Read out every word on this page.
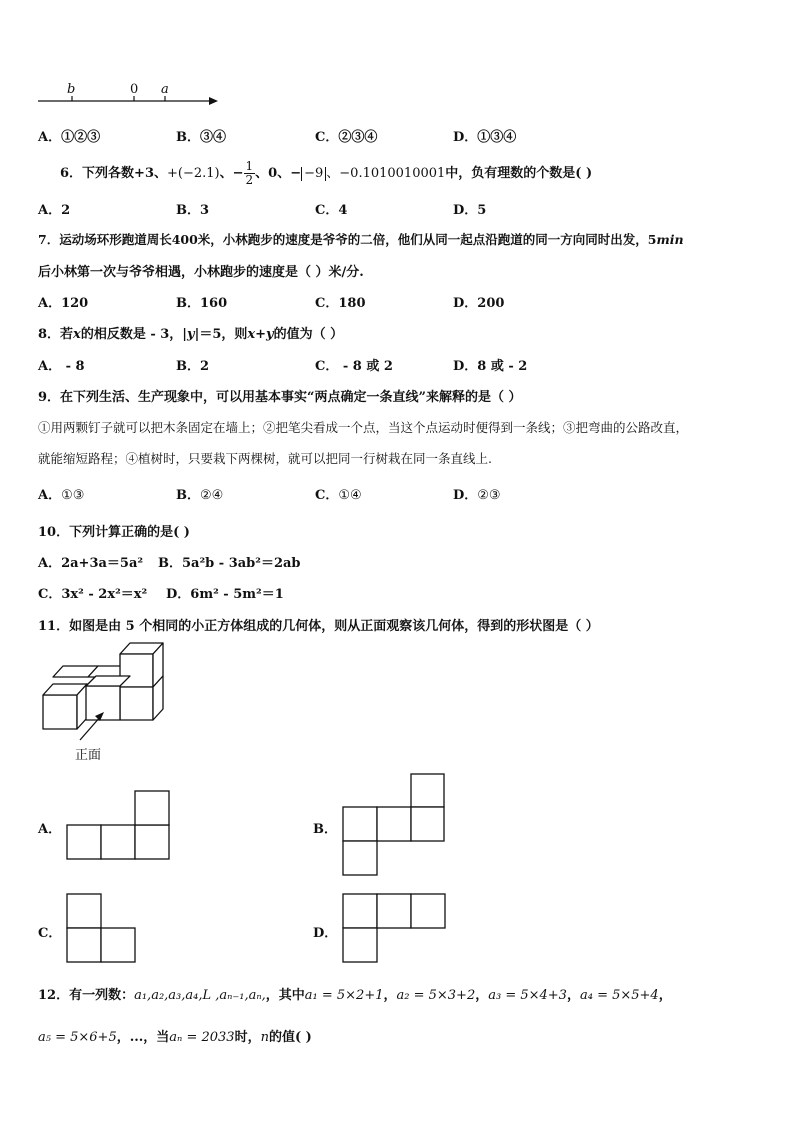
b	0 a
A．①②③	B．③④	C．②③④	D．①③④
6．下列各数+3、+(−2.1)、− $\frac{1}{2}$ 、0、− −9 、−0.1010010001中，负有理数的个数是( )
A．2	B．3	C．4	D．5
7．运动场环形跑道周长400米，小林跑步的速度是爷爷的二倍，他们从同一起点沿跑道的同一方向同时出发，5min
后小林第一次与爷爷相遇，小林跑步的速度是（ ）米/分.
A．120	B．160	C．180	D．200
8．若x的相反数是 - 3，|y|＝5，则x+y的值为（ ）
A． - 8	B．2	C． - 8 或 2	D．8 或 - 2
9．在下列生活、生产现象中，可以用基本事实“两点确定一条直线”来解释的是（ ）
①用两颗钉子就可以把木条固定在墙上；②把笔尖看成一个点，当这个点运动时便得到一条线；③把弯曲的公路改直，
就能缩短路程；④植树时，只要栽下两棵树，就可以把同一行树栽在同一条直线上.
A．①③	B．②④	C．①④	D．②③
10．下列计算正确的是( )
A．2a+3a＝5a² B．5a²b - 3ab²＝2ab
C．3x² - 2x²＝x² D．6m² - 5m²＝1
11．如图是由 5 个相同的小正方体组成的几何体，则从正面观察该几何体，得到的形状图是（ ）
正面
A．	B．
C．	D．
12．有一列数：a₁,a₂,a₃,a₄,L ,aₙ₋₁,aₙ,，其中a₁ = 5×2+1，a₂ = 5×3+2，a₃ = 5×4+3，a₄ = 5×5+4，
a₅ = 5×6+5，...，当aₙ = 2033时，n的值( )
